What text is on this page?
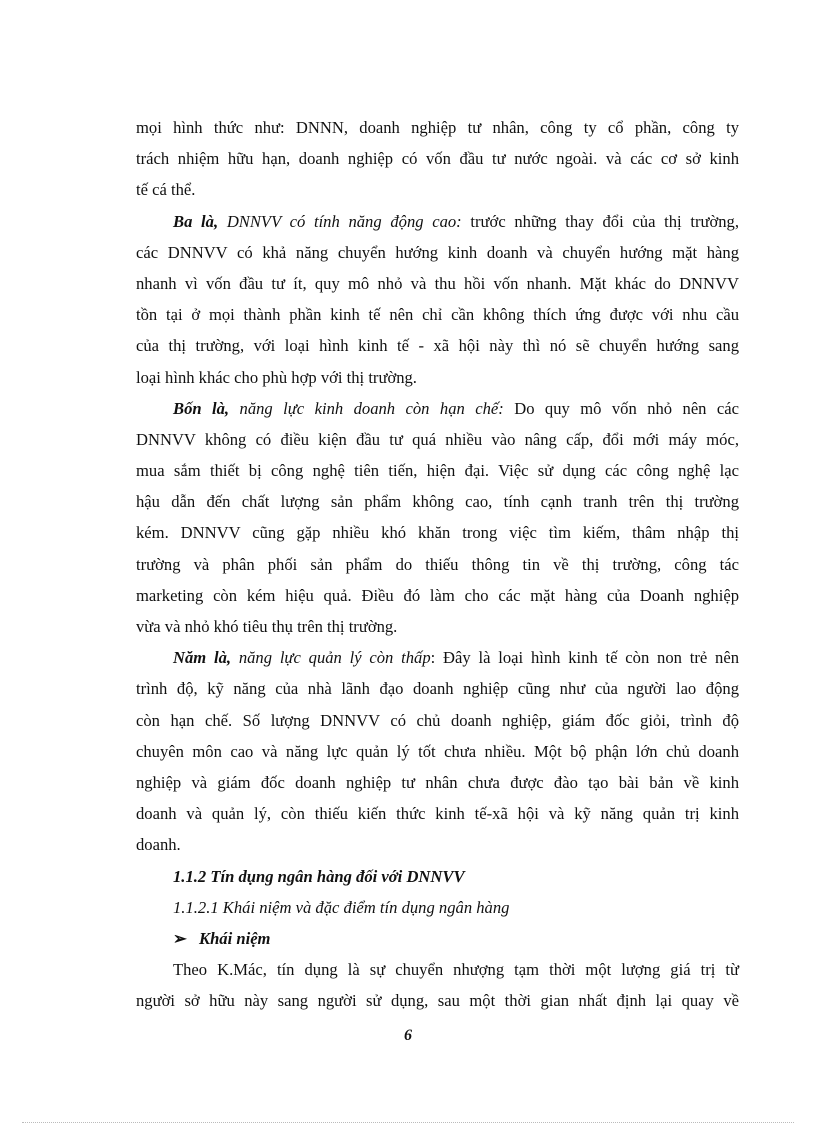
mọi hình thức như: DNNN, doanh nghiệp tư nhân, công ty cổ phần, công ty
trách nhiệm hữu hạn, doanh nghiệp có vốn đầu tư nước ngoài. và các cơ sở kinh
tế cá thể.
Ba là, DNNVV có tính năng động cao: trước những thay đổi của thị trường,
các DNNVV có khả năng chuyển hướng kinh doanh và chuyển hướng mặt hàng
nhanh vì vốn đầu tư ít, quy mô nhỏ và thu hồi vốn nhanh. Mặt khác do DNNVV
tồn tại ở mọi thành phần kinh tế nên chỉ cần không thích ứng được với nhu cầu
của thị trường, với loại hình kinh tế - xã hội này thì nó sẽ chuyển hướng sang
loại hình khác cho phù hợp với thị trường.
Bốn là, năng lực kinh doanh còn hạn chế: Do quy mô vốn nhỏ nên các
DNNVV không có điều kiện đầu tư quá nhiều vào nâng cấp, đổi mới máy móc,
mua sắm thiết bị công nghệ tiên tiến, hiện đại. Việc sử dụng các công nghệ lạc
hậu dẫn đến chất lượng sản phẩm không cao, tính cạnh tranh trên thị trường
kém. DNNVV cũng gặp nhiều khó khăn trong việc tìm kiếm, thâm nhập thị
trường và phân phối sản phẩm do thiếu thông tin về thị trường, công tác
marketing còn kém hiệu quả. Điều đó làm cho các mặt hàng của Doanh nghiệp
vừa và nhỏ khó tiêu thụ trên thị trường.
Năm là, năng lực quản lý còn thấp: Đây là loại hình kinh tế còn non trẻ nên
trình độ, kỹ năng của nhà lãnh đạo doanh nghiệp cũng như của người lao động
còn hạn chế. Số lượng DNNVV có chủ doanh nghiệp, giám đốc giỏi, trình độ
chuyên môn cao và năng lực quản lý tốt chưa nhiều. Một bộ phận lớn chủ doanh
nghiệp và giám đốc doanh nghiệp tư nhân chưa được đào tạo bài bản về kinh
doanh và quản lý, còn thiếu kiến thức kinh tế-xã hội và kỹ năng quản trị kinh
doanh.
1.1.2 Tín dụng ngân hàng đối với DNNVV
1.1.2.1 Khái niệm và đặc điểm tín dụng ngân hàng
➢ Khái niệm
Theo K.Mác, tín dụng là sự chuyển nhượng tạm thời một lượng giá trị từ
người sở hữu này sang người sử dụng, sau một thời gian nhất định lại quay về
6
